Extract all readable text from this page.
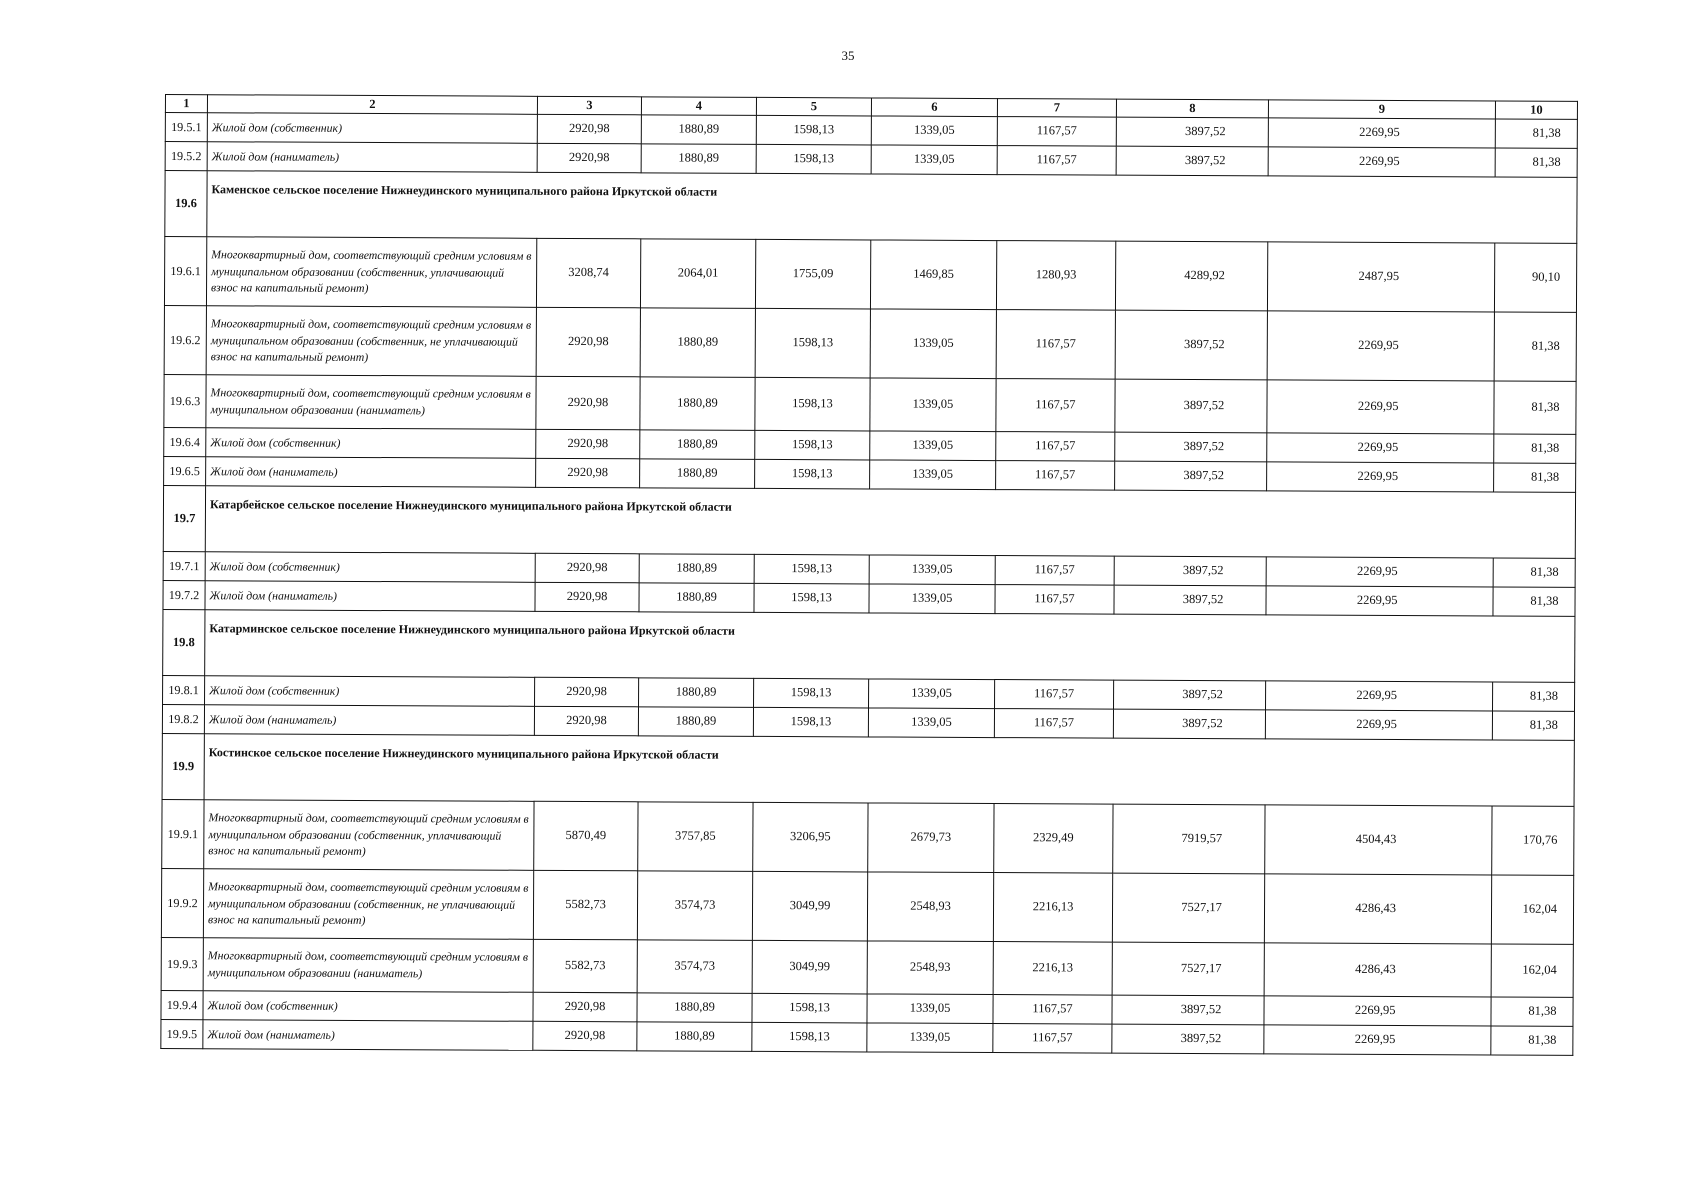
35
1	2	3	4	5	6	7	8	9	10
19.5.1	Жилой дом (собственник)	2920,98	1880,89	1598,13	1339,05	1167,57	3897,52	2269,95	81,38
19.5.2	Жилой дом (наниматель)	2920,98	1880,89	1598,13	1339,05	1167,57	3897,52	2269,95	81,38
19.6	Каменское сельское поселение Нижнеудинского муниципального района Иркутской области								
19.6.1	Многоквартирный дом, соответствующий средним условиям в муниципальном образовании (собственник, уплачивающий взнос на капитальный ремонт)	3208,74	2064,01	1755,09	1469,85	1280,93	4289,92	2487,95	90,10
19.6.2	Многоквартирный дом, соответствующий средним условиям в муниципальном образовании (собственник, не уплачивающий взнос на капитальный ремонт)	2920,98	1880,89	1598,13	1339,05	1167,57	3897,52	2269,95	81,38
19.6.3	Многоквартирный дом, соответствующий средним условиям в муниципальном образовании (наниматель)	2920,98	1880,89	1598,13	1339,05	1167,57	3897,52	2269,95	81,38
19.6.4	Жилой дом (собственник)	2920,98	1880,89	1598,13	1339,05	1167,57	3897,52	2269,95	81,38
19.6.5	Жилой дом (наниматель)	2920,98	1880,89	1598,13	1339,05	1167,57	3897,52	2269,95	81,38
19.7	Катарбейское сельское поселение Нижнеудинского муниципального района Иркутской области								
19.7.1	Жилой дом (собственник)	2920,98	1880,89	1598,13	1339,05	1167,57	3897,52	2269,95	81,38
19.7.2	Жилой дом (наниматель)	2920,98	1880,89	1598,13	1339,05	1167,57	3897,52	2269,95	81,38
19.8	Катарминское сельское поселение Нижнеудинского муниципального района Иркутской области								
19.8.1	Жилой дом (собственник)	2920,98	1880,89	1598,13	1339,05	1167,57	3897,52	2269,95	81,38
19.8.2	Жилой дом (наниматель)	2920,98	1880,89	1598,13	1339,05	1167,57	3897,52	2269,95	81,38
19.9	Костинское сельское поселение Нижнеудинского муниципального района Иркутской области								
19.9.1	Многоквартирный дом, соответствующий средним условиям в муниципальном образовании (собственник, уплачивающий взнос на капитальный ремонт)	5870,49	3757,85	3206,95	2679,73	2329,49	7919,57	4504,43	170,76
19.9.2	Многоквартирный дом, соответствующий средним условиям в муниципальном образовании (собственник, не уплачивающий взнос на капитальный ремонт)	5582,73	3574,73	3049,99	2548,93	2216,13	7527,17	4286,43	162,04
19.9.3	Многоквартирный дом, соответствующий средним условиям в муниципальном образовании (наниматель)	5582,73	3574,73	3049,99	2548,93	2216,13	7527,17	4286,43	162,04
19.9.4	Жилой дом (собственник)	2920,98	1880,89	1598,13	1339,05	1167,57	3897,52	2269,95	81,38
19.9.5	Жилой дом (наниматель)	2920,98	1880,89	1598,13	1339,05	1167,57	3897,52	2269,95	81,38
